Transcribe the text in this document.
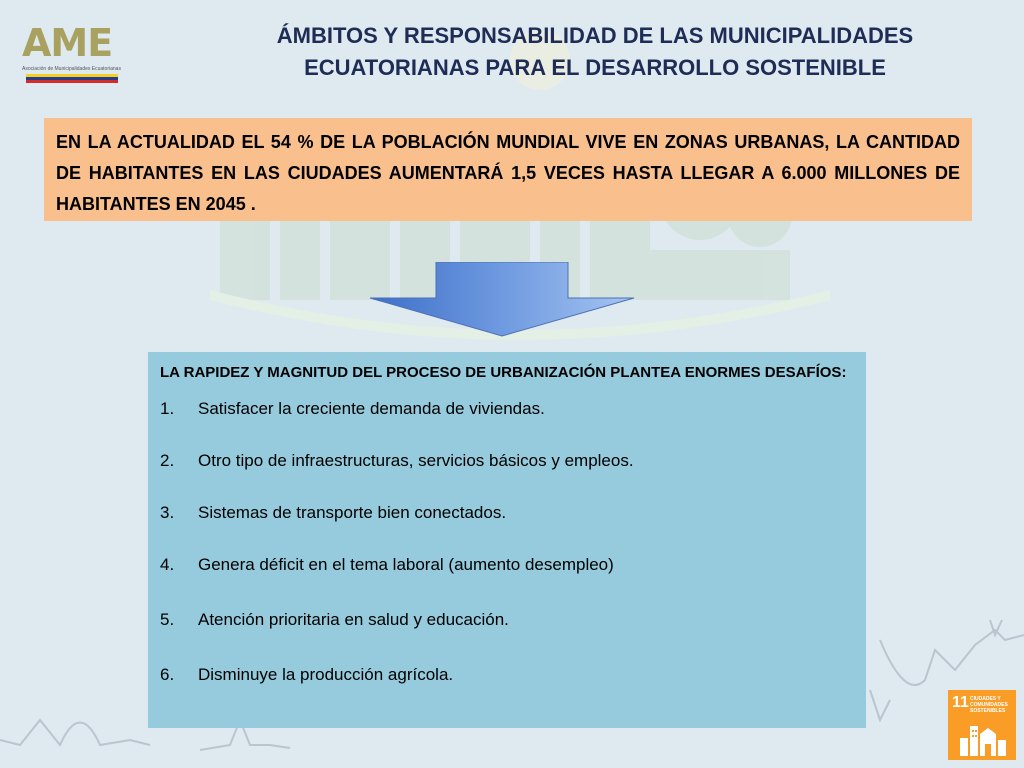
AME
Asociación de Municipalidades Ecuatorianas
ÁMBITOS Y RESPONSABILIDAD DE LAS MUNICIPALIDADES
ECUATORIANAS PARA EL DESARROLLO SOSTENIBLE
EN LA ACTUALIDAD EL 54 % DE LA POBLACIÓN MUNDIAL VIVE EN ZONAS URBANAS, LA CANTIDAD DE HABITANTES EN LAS CIUDADES AUMENTARÁ 1,5 VECES HASTA LLEGAR A 6.000 MILLONES DE HABITANTES EN 2045 .
LA RAPIDEZ Y MAGNITUD DEL PROCESO DE URBANIZACIÓN PLANTEA ENORMES DESAFÍOS:
1.	Satisfacer la creciente demanda de viviendas.
2.	Otro tipo de infraestructuras, servicios básicos y empleos.
3.	Sistemas de transporte bien conectados.
4.	Genera déficit en el tema laboral (aumento desempleo)
5.	Atención prioritaria en salud y educación.
6.	Disminuye la producción agrícola.
11 CIUDADES Y COMUNIDADES SOSTENIBLES
